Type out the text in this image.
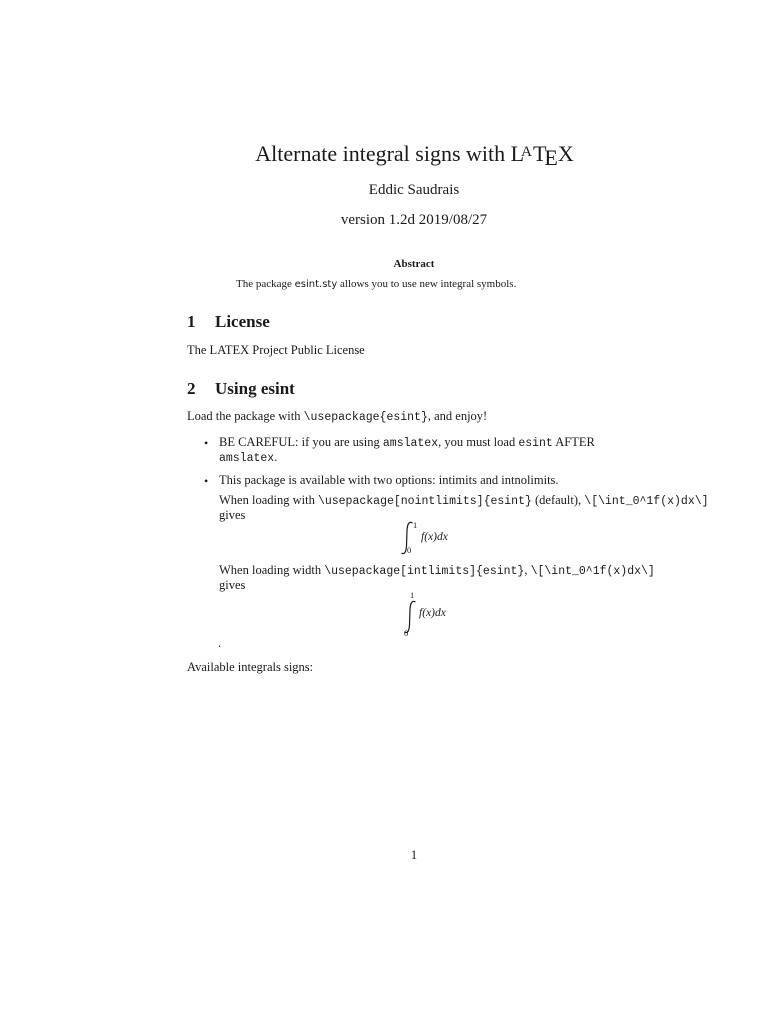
Alternate integral signs with $L^ATEX$
Eddic Saudrais
version 1.2d 2019/08/27
Abstract
The package esint.sty allows you to use new integral symbols.
1 License
The LATEX Project Public License
2 Using esint
Load the package with \usepackage{esint}, and enjoy!
• BE CAREFUL: if you are using amslatex, you must load esint AFTER
amslatex.
• This package is available with two options: intimits and intnolimits.
When loading with \usepackage[nointlimits]{esint} (default), \[\int_0^1f(x)dx\]
gives
1
0
f(x)dx
When loading width \usepackage[intlimits]{esint}, \[\int_0^1f(x)dx\]
gives
1
0
f(x)dx
.
Available integrals signs:
1
